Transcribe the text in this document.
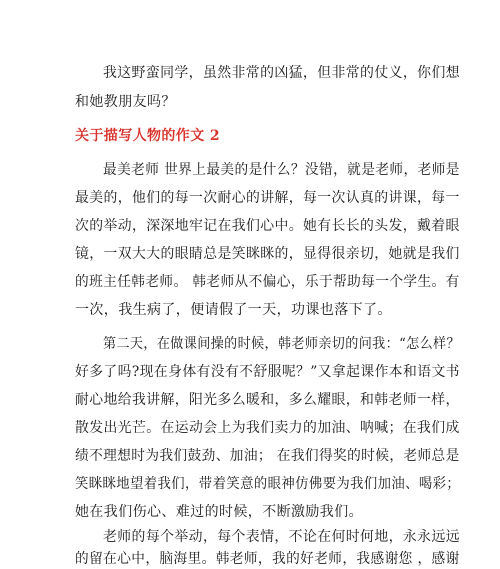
我这野蛮同学，虽然非常的凶猛，但非常的仗义，你们想
和她教朋友吗？
关于描写人物的作文 2
最美老师 世界上最美的是什么？没错，就是老师，老师是
最美的，他们的每一次耐心的讲解，每一次认真的讲课，每一
次的举动，深深地牢记在我们心中。她有长长的头发，戴着眼
镜，一双大大的眼睛总是笑眯眯的，显得很亲切，她就是我们
的班主任韩老师。 韩老师从不偏心，乐于帮助每一个学生。有
一次，我生病了，便请假了一天，功课也落下了。
第二天，在做课间操的时候，韩老师亲切的问我：“怎么样？
好多了吗?现在身体有没有不舒服呢？”又拿起课作本和语文书
耐心地给我讲解，阳光多么暖和，多么耀眼，和韩老师一样，
散发出光芒。在运动会上为我们卖力的加油、呐喊；在我们成
绩不理想时为我们鼓劲、加油； 在我们得奖的时候，老师总是
笑眯眯地望着我们，带着笑意的眼神仿佛要为我们加油、喝彩；
她在我们伤心、难过的时候，不断激励我们。
老师的每个举动，每个表情，不论在何时何地，永永远远
的留在心中，脑海里。韩老师，我的好老师，我感谢您 ，感谢
